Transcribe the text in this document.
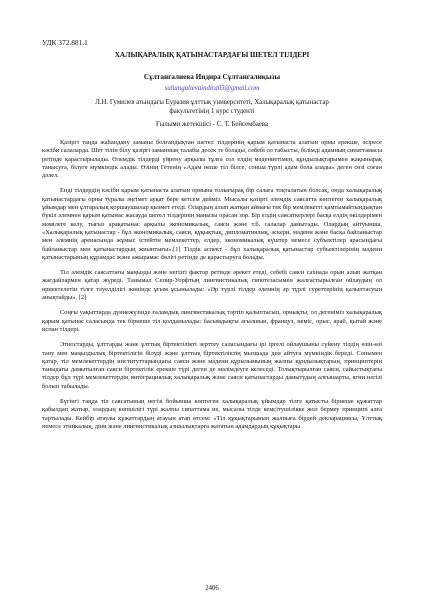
УДК 372.881.1

ХАЛЫҚАРАЛЫҚ ҚАТЫНАСТАРДАҒЫ ШЕТЕЛ ТІЛДЕРІ

Сұлтангалиева Индира Сұлтангалиқызы

sultangalievaindira03@gmail.com

Л.Н. Гумилев атындағы Еуразия ұлттық университеті, Халықаралық қатынастар

факультетінің 1 курс студенті

Ғылыми жетекшісі - С. Т. Бейсембаева

Қазіргі таңда жаһандану заманы болғандықтан шетел тілдерінің қарым қатынаста алатын орны ерекше, әсіресе кәсіби салаларда. Шет тілін білу қазіргі заманның талабы десек те болады, себебі ол табысты, білімді адамның сипаттамасы ретінде қарастырылады. Өлемдік тілдерді үйрену арқылы тұлға сол елдің мәдениетімен, құндылықтарымен жақынырақ танысуға, білуге мүмкіндік алады. Өзінің Гетенің «Адам неше тіл білсе, сонша түрлі адам бола алады» деген сөзі соған дәлел.

Енді тілдердің кәсіби қарым қатынаста алатын орнына толығырақ бір салаға тоқталатын болсақ, онда халықаралық қатынастардағы орны туралы әңгімет ауқат бере кетсем дейміз. Мысалы қазіргі әлемдік саясатта көптеген халықаралық ұйымдар мен ұлтаралық қоршаушылар қызмет етеді. Олардың алып жатқан аймағы тек бір мемлекетті қамтымайтындықтан бүкіл әлемнен қарым қатынас жасауда шетел тілдерінің маңызы орасан зор. Бір елдің саясаткерлері басқа елдің өкілдерімен мәмілеге келу, тығыз арақатынас арқылы экономикалық, саяси және т.б. салалар дамытады. Олардың айтуынша, «Халықаралық қатынастар - бұл экономикалық, саяси, құқықтық, дипломатиялық, әскери, мәдени және басқа байланыстар мен әлемнің аренасында жұмыс істейтін мемлекеттер, елдер, экономикалық күштер немесе субъектілер арасындағы байланыстар мен қатынастардың жиынтығы».[1] Тілдік аспект - бұл халықаралық қатынастар субъектілерінің мәдени қатынастарының құрамдас және ажырамас бөлігі ретінде де қарастыруға болады.

Тіл әлемдік саясаттағы маңызды және негізгі фактор ретінде әрекет етеді, себебі саяси сахнада орын алып жатқан жағдайлармен қатар жүреді. Танымал Сепир-Уорфтың лингвистикалық гипотезасымен жалғастырылған ойлаудың ол өрнектелетін тілге тәуелділігі жөнінде ұғым ұсынылады: «Әр түрлі тілдер әлемнің әр түрлі суреттерінің қалыптасуын анықтайды». [2]

Соңғы уақыттарда дүниежүзінде ғаламдық лингвистикалық тәртіп қалыптасып, орнықты, ол дегеніміз халықаралық қарым қатынас саласында тек бірнеше тіл қолданылады: басымдықты ағылшын, француз, неміс, орыс, араб, қытай және испан тілдері.

Этностарды, ұлттарды және ұлттық біртектілікті зерттеу саласындағы ірі іргелі ойлаушыны сүйену тілдің өзін-өзі тану мен маңыздылық біртектілігін білуді және ұлттық біртектіліктің мызшада ден айтуға мүмкіндік береді. Сонымен қатар, тіл мемлекеттердің институттарындағы саяси және мәдени құрылымының жалпы құндылықтарын, принциптерін таныдағы дамытылған саяси біртектілік ерекше түрі деген де мәлімдеуге келеседі. Толықтырылған саяси, сайыстықтағы тілдер бұл түрі мемлекеттердің интеграциялық халықаралық және саяси қатынастарды дамытудың алғышарты, ягни негізі болып табылады.

Бүгінгі таңда тіл саясатының негізі бойынша көптеген халықаралық ұйымдар тілге қатысты бірнеше құжаттар қабылдап жатыр, олардың көпшілігі түрі жалпы сипаттама ие, мысалы тілде кемсітушілікке жол бермеу принципі алға тартылады. Кейбір атаулы құжаттардың атауын атап өтсем: «Тіл құқықтарының жалпыға бірдей декларациясы, Ұлттық немесе этникалық, діни және лингвистикалық азшылықтарға жататын адамдардың құқықтары

2406
